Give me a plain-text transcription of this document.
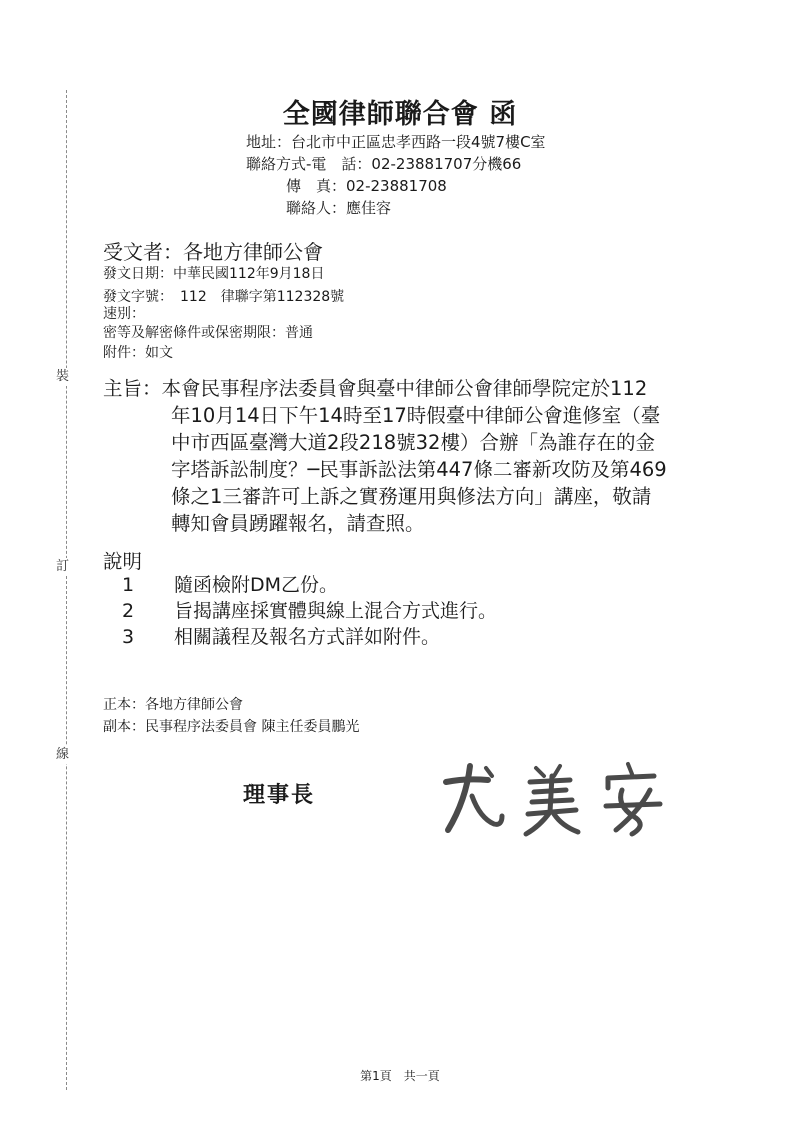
裝
訂
線
全國律師聯合會 函
地址：台北市中正區忠孝西路一段4號7樓C室
聯絡方式-電　話：02-23881707分機66
傳　真：02-23881708
聯絡人：應佳容
受文者：各地方律師公會
發文日期：中華民國112年9月18日
發文字號：　112　律聯字第112328號
速別：
密等及解密條件或保密期限：普通
附件：如文
主旨：本會民事程序法委員會與臺中律師公會律師學院定於112
年10月14日下午14時至17時假臺中律師公會進修室（臺
中市西區臺灣大道2段218號32樓）合辦「為誰存在的金
字塔訴訟制度？─民事訴訟法第447條二審新攻防及第469
條之1三審許可上訴之實務運用與修法方向」講座，敬請
轉知會員踴躍報名，請查照。
說明
1 隨函檢附DM乙份。
2 旨揭講座採實體與線上混合方式進行。
3 相關議程及報名方式詳如附件。
正本：各地方律師公會
副本：民事程序法委員會 陳主任委員鵬光
理事長
第1頁　共一頁
